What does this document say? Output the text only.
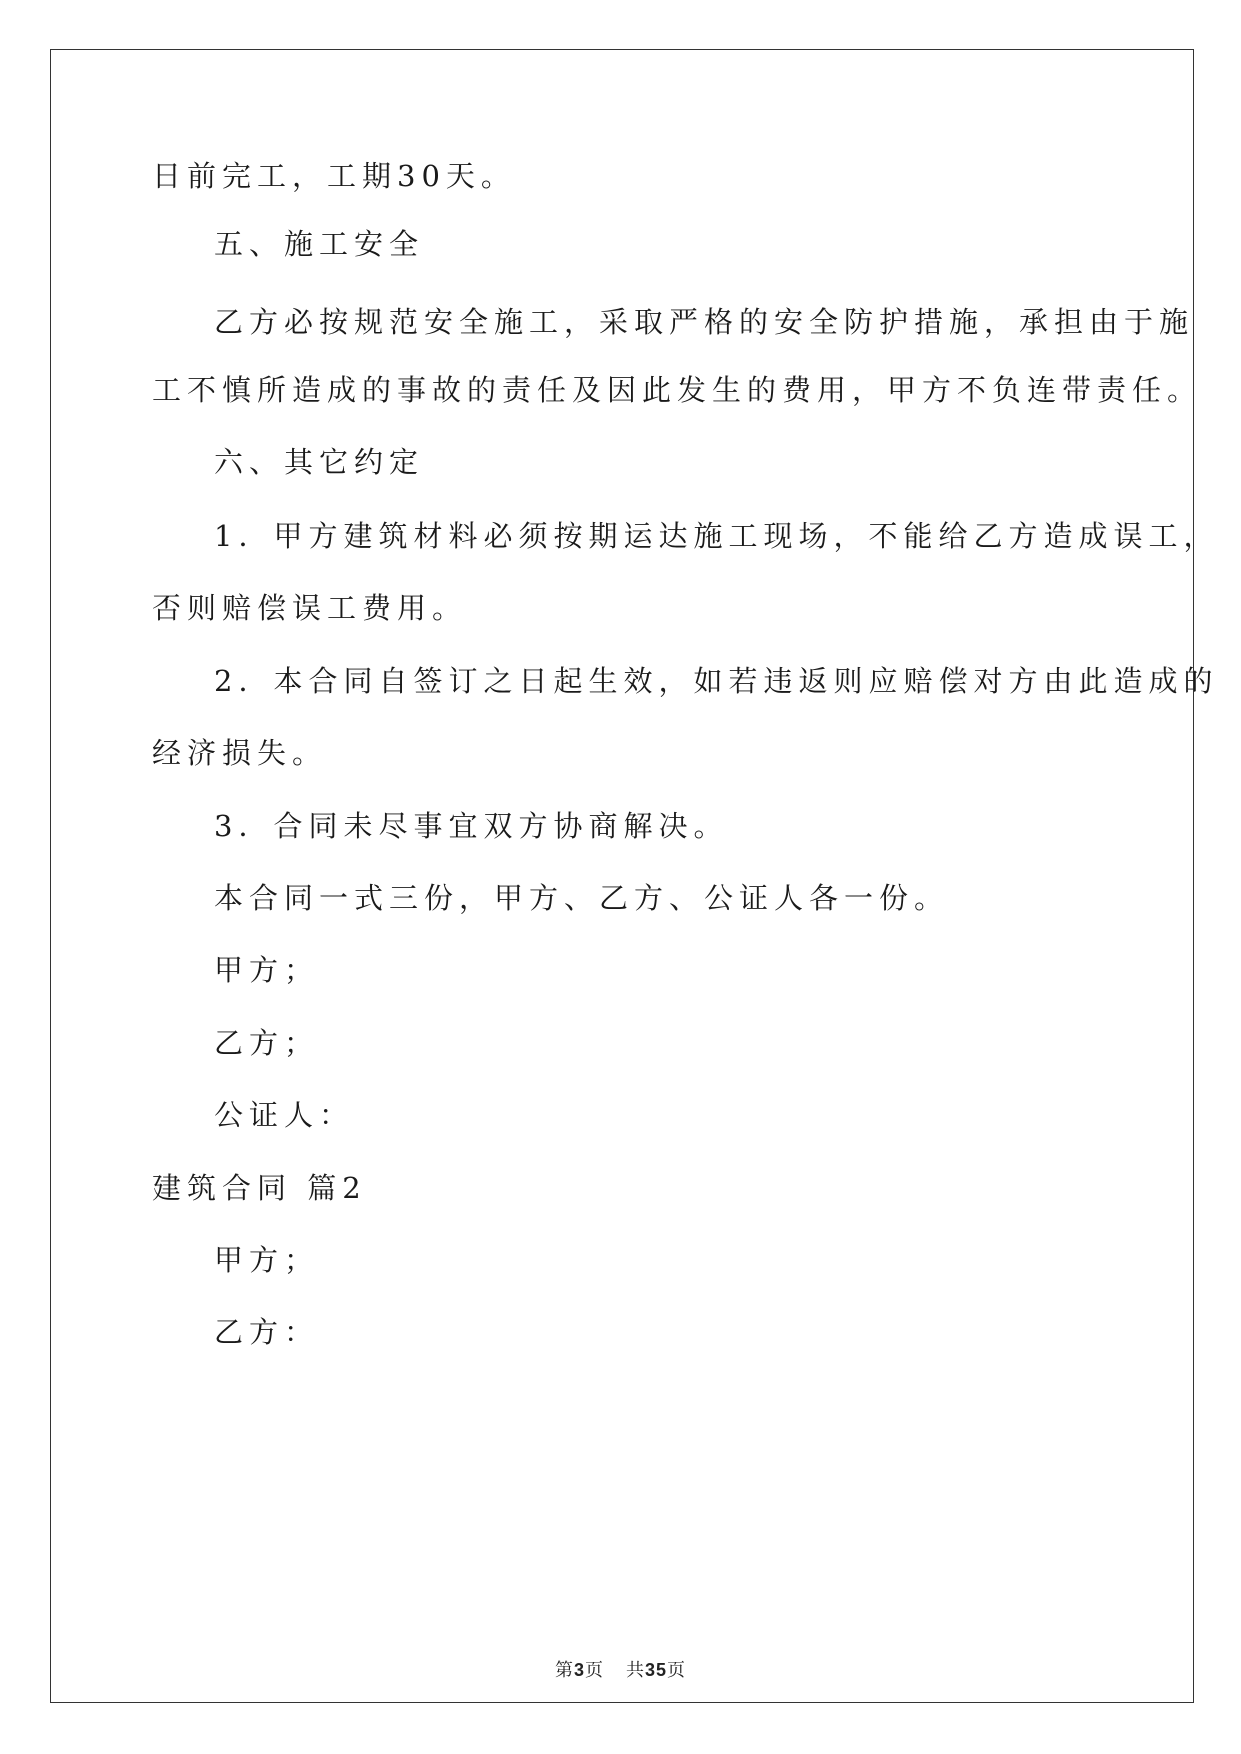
日前完工，工期30天。
五、施工安全
乙方必按规范安全施工，采取严格的安全防护措施，承担由于施
工不慎所造成的事故的责任及因此发生的费用，甲方不负连带责任。
六、其它约定
1．甲方建筑材料必须按期运达施工现场，不能给乙方造成误工，
否则赔偿误工费用。
2．本合同自签订之日起生效，如若违返则应赔偿对方由此造成的
经济损失。
3．合同未尽事宜双方协商解决。
本合同一式三份，甲方、乙方、公证人各一份。
甲方；
乙方；
公证人：
建筑合同 篇2
甲方；
乙方：
第3页 共35页
